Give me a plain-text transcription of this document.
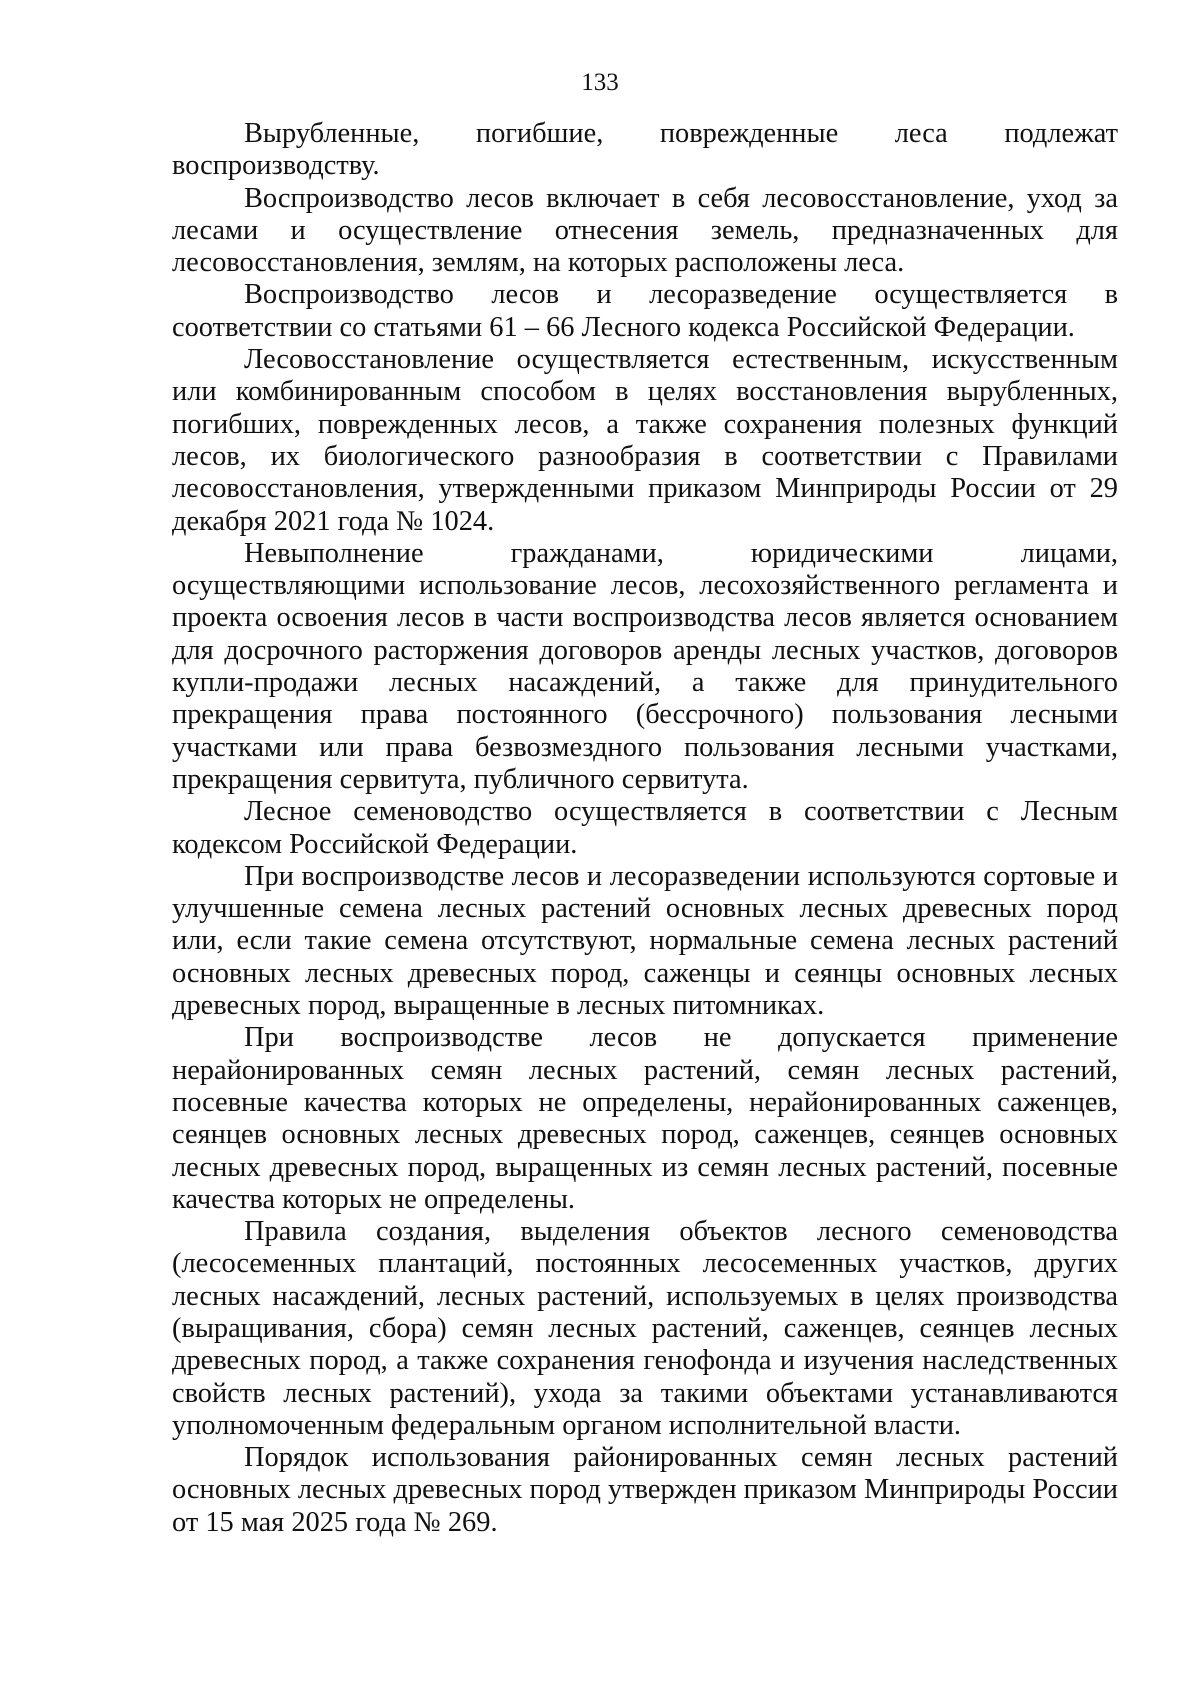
133

Вырубленные, погибшие, поврежденные леса подлежат воспроизводству.

Воспроизводство лесов включает в себя лесовосстановление, уход за лесами и осуществление отнесения земель, предназначенных для лесовосстановления, землям, на которых расположены леса.

Воспроизводство лесов и лесоразведение осуществляется в соответствии со статьями 61 – 66 Лесного кодекса Российской Федерации.

Лесовосстановление осуществляется естественным, искусственным или комбинированным способом в целях восстановления вырубленных, погибших, поврежденных лесов, а также сохранения полезных функций лесов, их биологического разнообразия в соответствии с Правилами лесовосстановления, утвержденными приказом Минприроды России от 29 декабря 2021 года № 1024.

Невыполнение гражданами, юридическими лицами, осуществляющими использование лесов, лесохозяйственного регламента и проекта освоения лесов в части воспроизводства лесов является основанием для досрочного расторжения договоров аренды лесных участков, договоров купли-продажи лесных насаждений, а также для принудительного прекращения права постоянного (бессрочного) пользования лесными участками или права безвозмездного пользования лесными участками, прекращения сервитута, публичного сервитута.

Лесное семеноводство осуществляется в соответствии с Лесным кодексом Российской Федерации.

При воспроизводстве лесов и лесоразведении используются сортовые и улучшенные семена лесных растений основных лесных древесных пород или, если такие семена отсутствуют, нормальные семена лесных растений основных лесных древесных пород, саженцы и сеянцы основных лесных древесных пород, выращенные в лесных питомниках.

При воспроизводстве лесов не допускается применение нерайонированных семян лесных растений, семян лесных растений, посевные качества которых не определены, нерайонированных саженцев, сеянцев основных лесных древесных пород, саженцев, сеянцев основных лесных древесных пород, выращенных из семян лесных растений, посевные качества которых не определены.

Правила создания, выделения объектов лесного семеноводства (лесосеменных плантаций, постоянных лесосеменных участков, других лесных насаждений, лесных растений, используемых в целях производства (выращивания, сбора) семян лесных растений, саженцев, сеянцев лесных древесных пород, а также сохранения генофонда и изучения наследственных свойств лесных растений), ухода за такими объектами устанавливаются уполномоченным федеральным органом исполнительной власти.

Порядок использования районированных семян лесных растений основных лесных древесных пород утвержден приказом Минприроды России от 15 мая 2025 года № 269.
